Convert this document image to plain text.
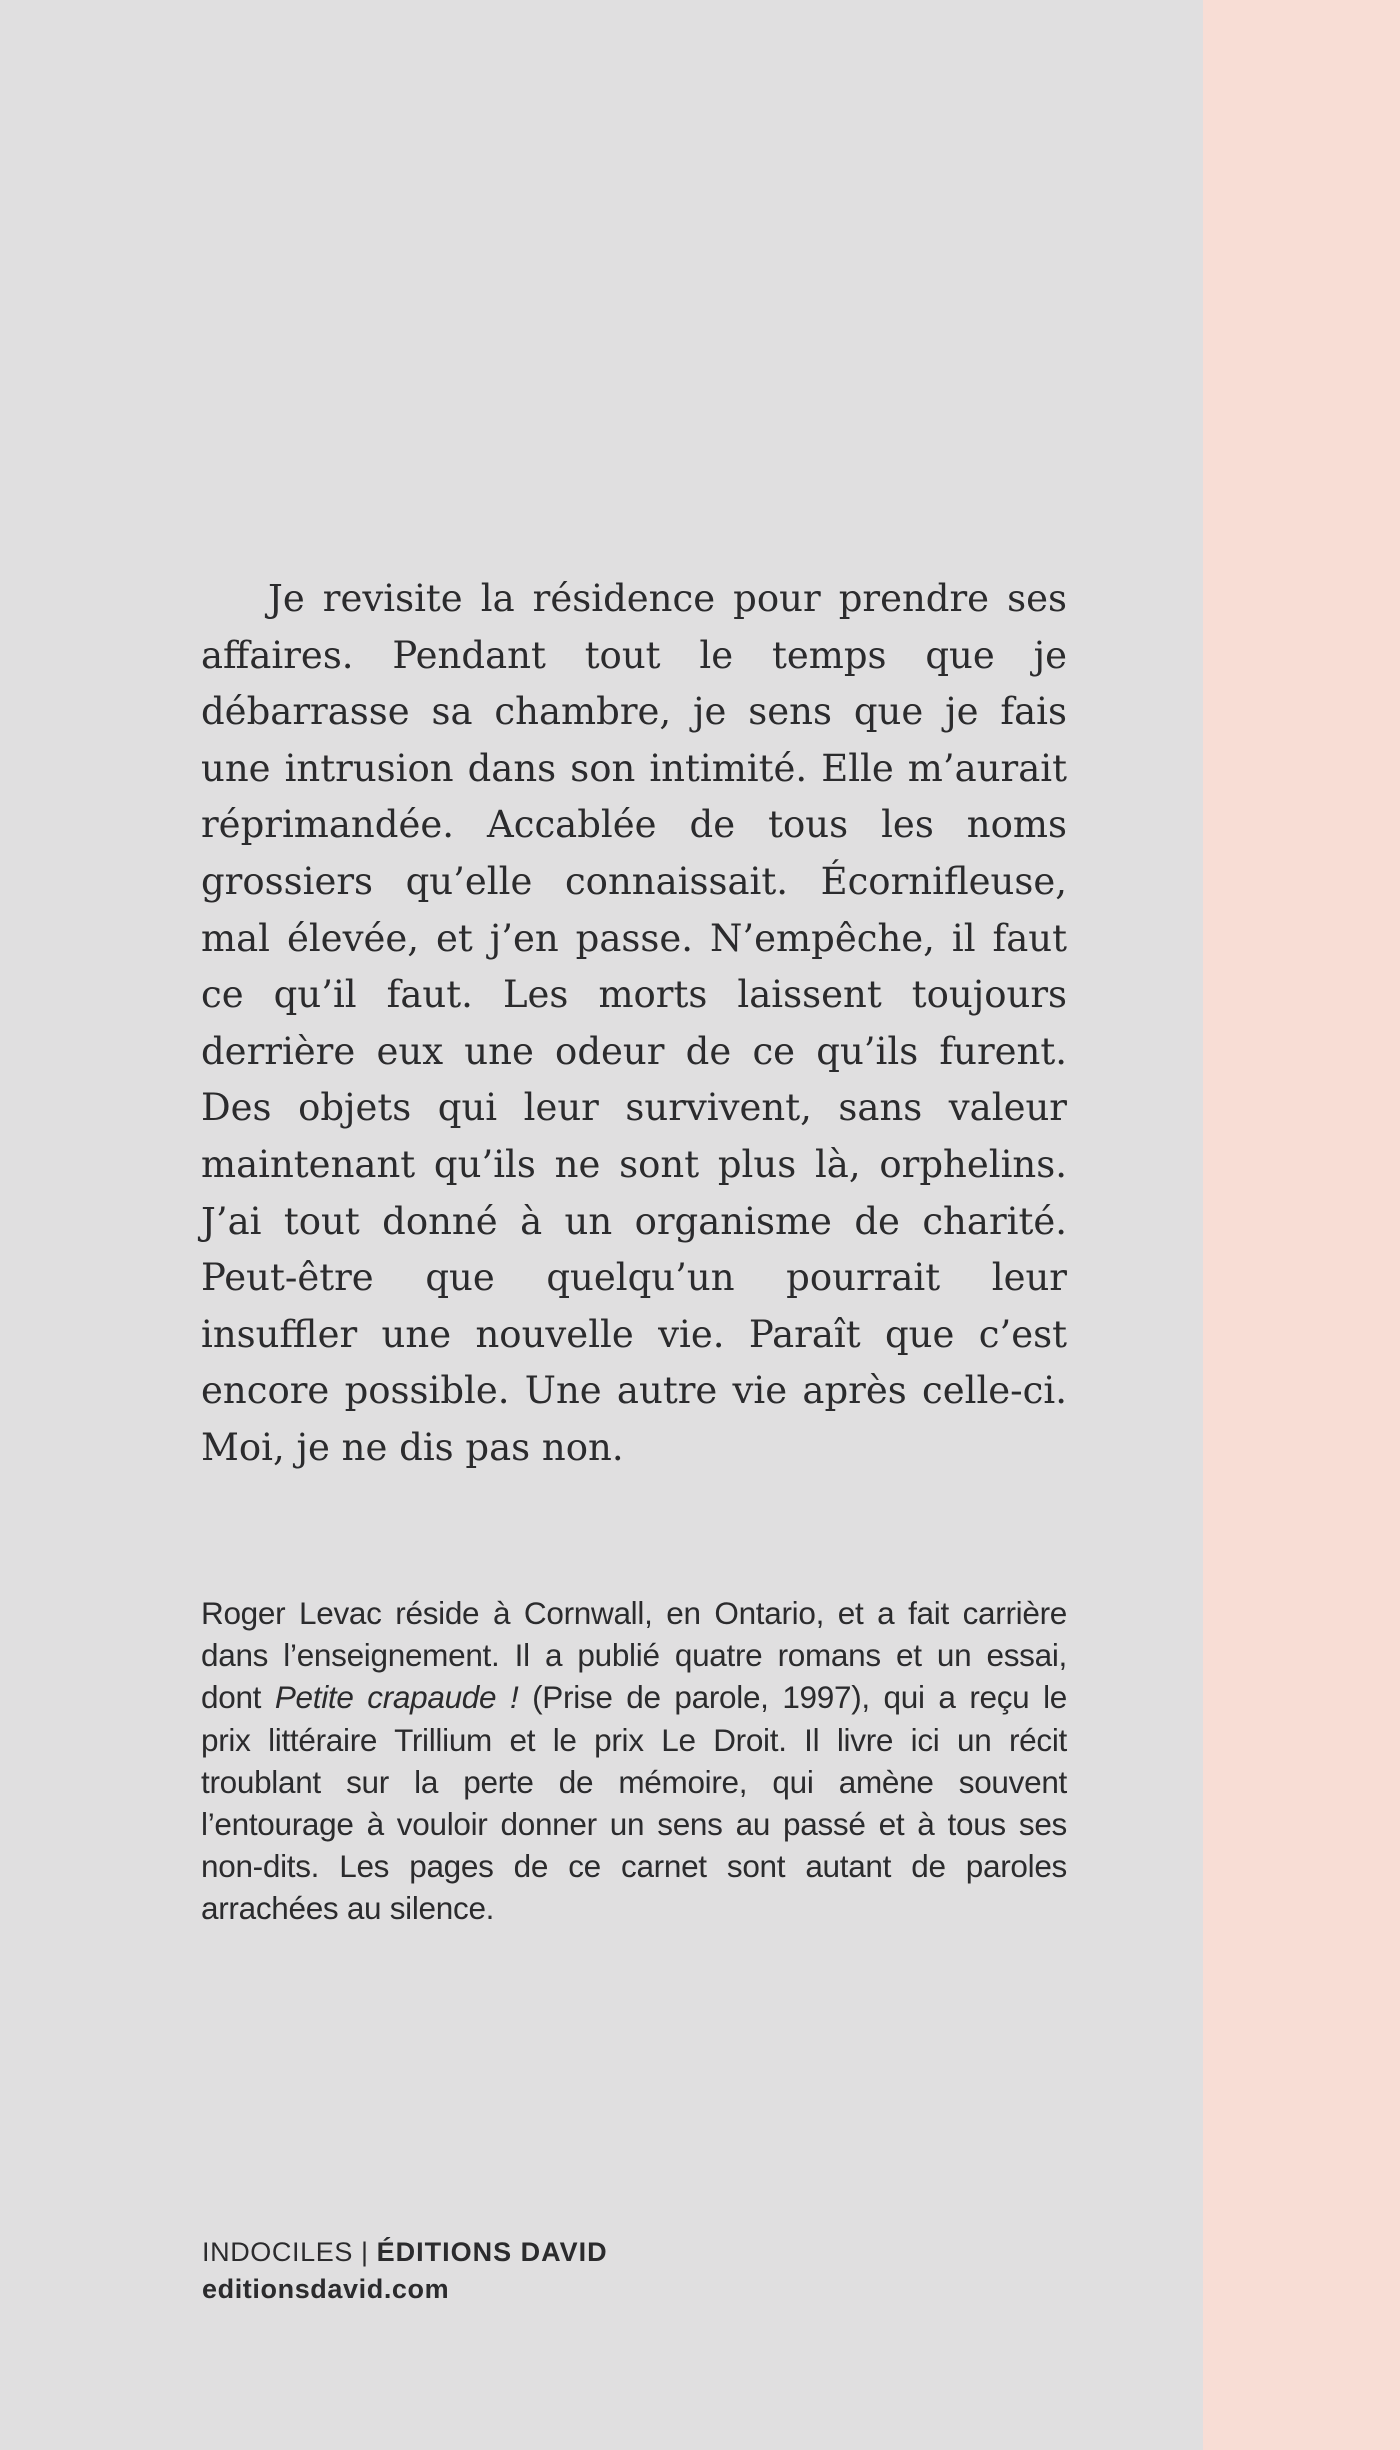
Je revisite la résidence pour prendre ses affaires. Pendant tout le temps que je débarrasse sa chambre, je sens que je fais une intrusion dans son intimité. Elle m’aurait réprimandée. Accablée de tous les noms grossiers qu’elle connaissait. Écornifleuse, mal élevée, et j’en passe. N’empêche, il faut ce qu’il faut. Les morts laissent toujours derrière eux une odeur de ce qu’ils furent. Des objets qui leur survivent, sans valeur maintenant qu’ils ne sont plus là, orphelins. J’ai tout donné à un organisme de charité. Peut-être que quelqu’un pourrait leur insuffler une nouvelle vie. Paraît que c’est encore possible. Une autre vie après celle-ci. Moi, je ne dis pas non.

Roger Levac réside à Cornwall, en Ontario, et a fait carrière dans l’enseignement. Il a publié quatre romans et un essai, dont Petite crapaude ! (Prise de parole, 1997), qui a reçu le prix littéraire Trillium et le prix Le Droit. Il livre ici un récit troublant sur la perte de mémoire, qui amène souvent l’entourage à vouloir donner un sens au passé et à tous ses non-dits. Les pages de ce carnet sont autant de paroles arrachées au silence.

INDOCILES | ÉDITIONS DAVID
editionsdavid.com
